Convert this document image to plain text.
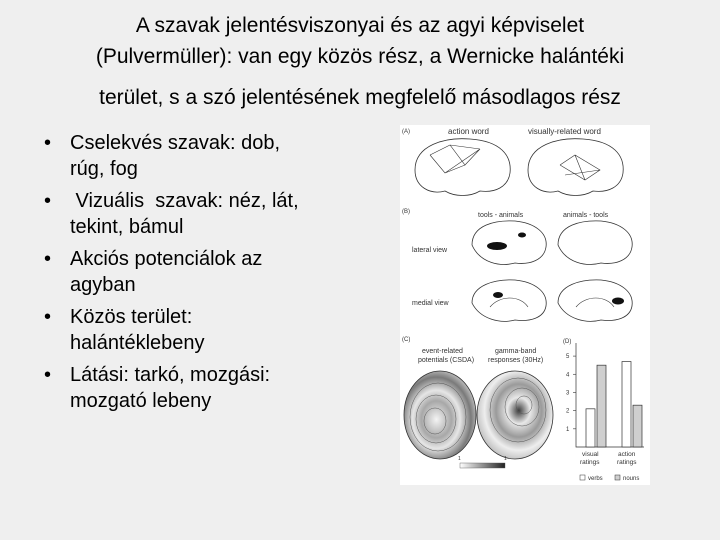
A szavak jelentésviszonyai és az agyi képviselet
(Pulvermüller): van egy közös rész, a Wernicke halántéki
terület, s a szó jelentésének megfelelő másodlagos rész
• Cselekvés szavak: dob,
rúg, fog
• Vizuális  szavak: néz, lát,
tekint, bámul
• Akciós potenciálok az
agyban
• Közös terület:
halántéklebeny
• Látási: tarkó, mozgási:
mozgató lebeny
(A)	action word	visually-related word
(B)	tools - animals	animals - tools
lateral view
medial view
(C)
event-related
potentials (CSDA)
gamma-band
responses (30Hz)
1	1
(D)
5
4
3
2
1
visual
ratings
action
ratings
verbs	nouns
